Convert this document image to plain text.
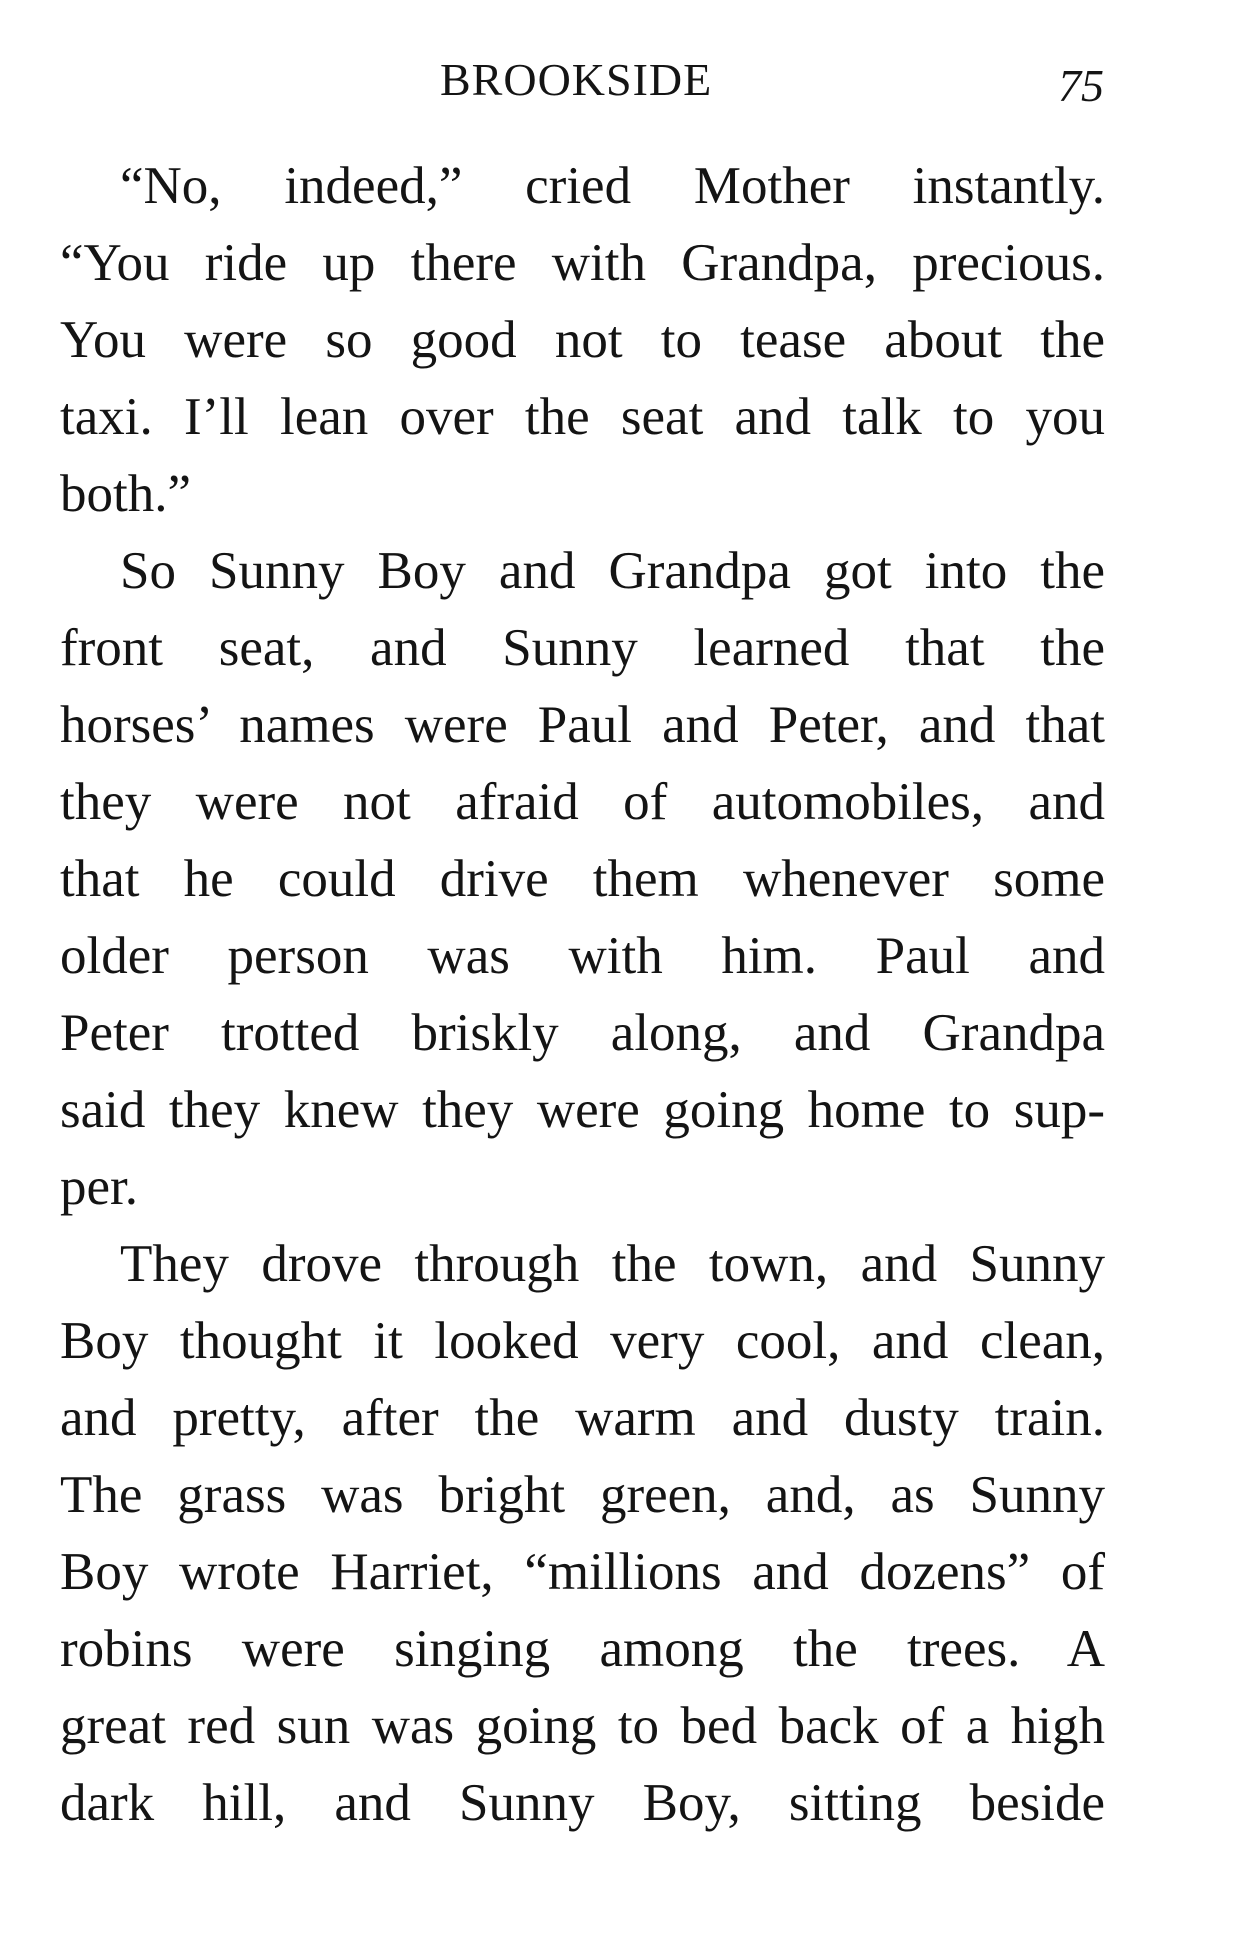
BROOKSIDE	75
“No, indeed,” cried Mother instantly.
“You ride up there with Grandpa, precious.
You were so good not to tease about the
taxi. I’ll lean over the seat and talk to you
both.”
So Sunny Boy and Grandpa got into the
front seat, and Sunny learned that the
horses’ names were Paul and Peter, and that
they were not afraid of automobiles, and
that he could drive them whenever some
older person was with him. Paul and
Peter trotted briskly along, and Grandpa
said they knew they were going home to sup-
per.
They drove through the town, and Sunny
Boy thought it looked very cool, and clean,
and pretty, after the warm and dusty train.
The grass was bright green, and, as Sunny
Boy wrote Harriet, “millions and dozens” of
robins were singing among the trees. A
great red sun was going to bed back of a high
dark hill, and Sunny Boy, sitting beside
